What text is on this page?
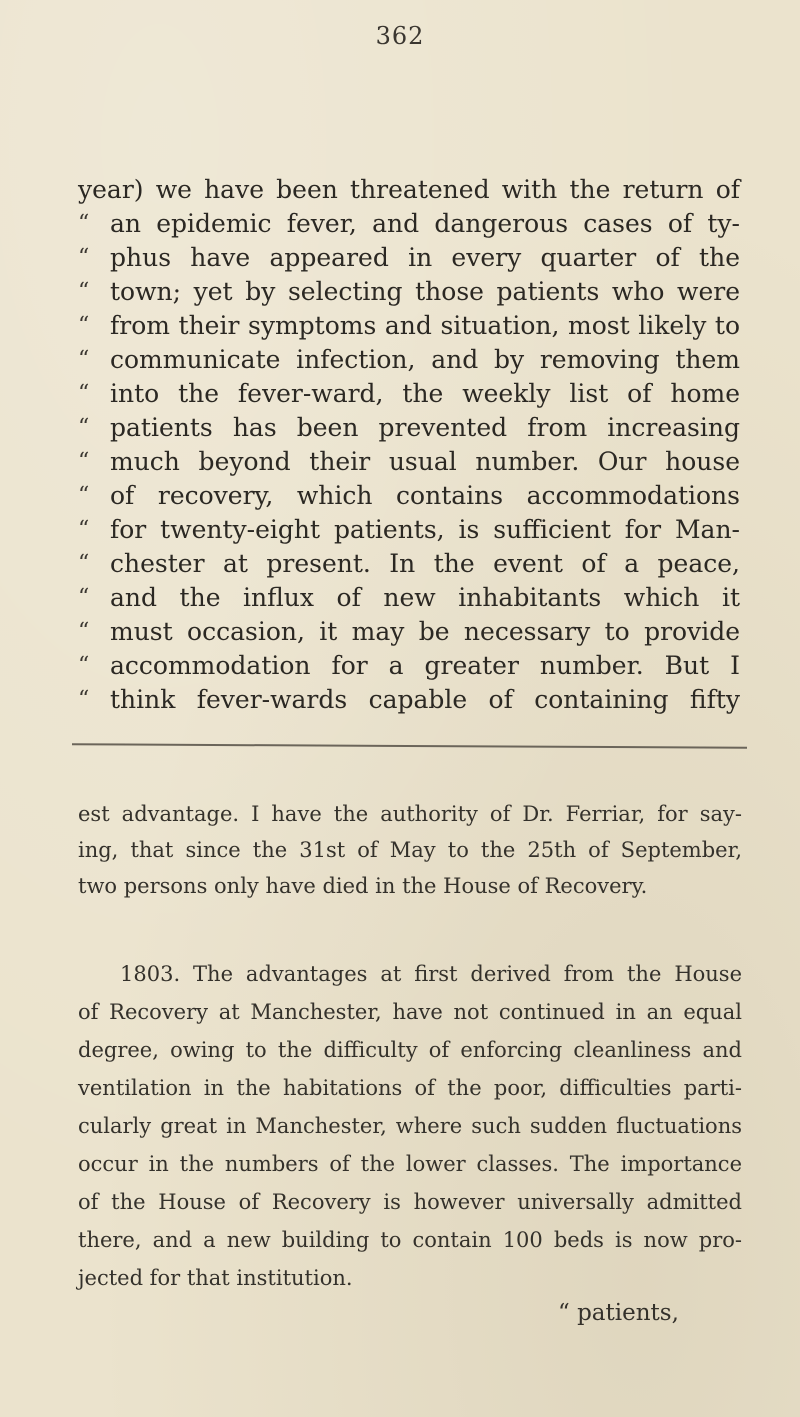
362
year) we have been threatened with the return of
“ an epidemic fever, and dangerous cases of ty-
“ phus have appeared in every quarter of the
“ town; yet by selecting those patients who were
“ from their symptoms and situation, most likely to
“ communicate infection, and by removing them
“ into the fever-ward, the weekly list of home
“ patients has been prevented from increasing
“ much beyond their usual number. Our house
“ of recovery, which contains accommodations
“ for twenty-eight patients, is sufficient for Man-
“ chester at present. In the event of a peace,
“ and the influx of new inhabitants which it
“ must occasion, it may be necessary to provide
“ accommodation for a greater number. But I
“ think fever-wards capable of containing fifty
est advantage. I have the authority of Dr. Ferriar, for say-
ing, that since the 31st of May to the 25th of September,
two persons only have died in the House of Recovery.
1803. The advantages at first derived from the House
of Recovery at Manchester, have not continued in an equal
degree, owing to the difficulty of enforcing cleanliness and
ventilation in the habitations of the poor, difficulties parti-
cularly great in Manchester, where such sudden fluctuations
occur in the numbers of the lower classes. The importance
of the House of Recovery is however universally admitted
there, and a new building to contain 100 beds is now pro-
jected for that institution.
“ patients,
